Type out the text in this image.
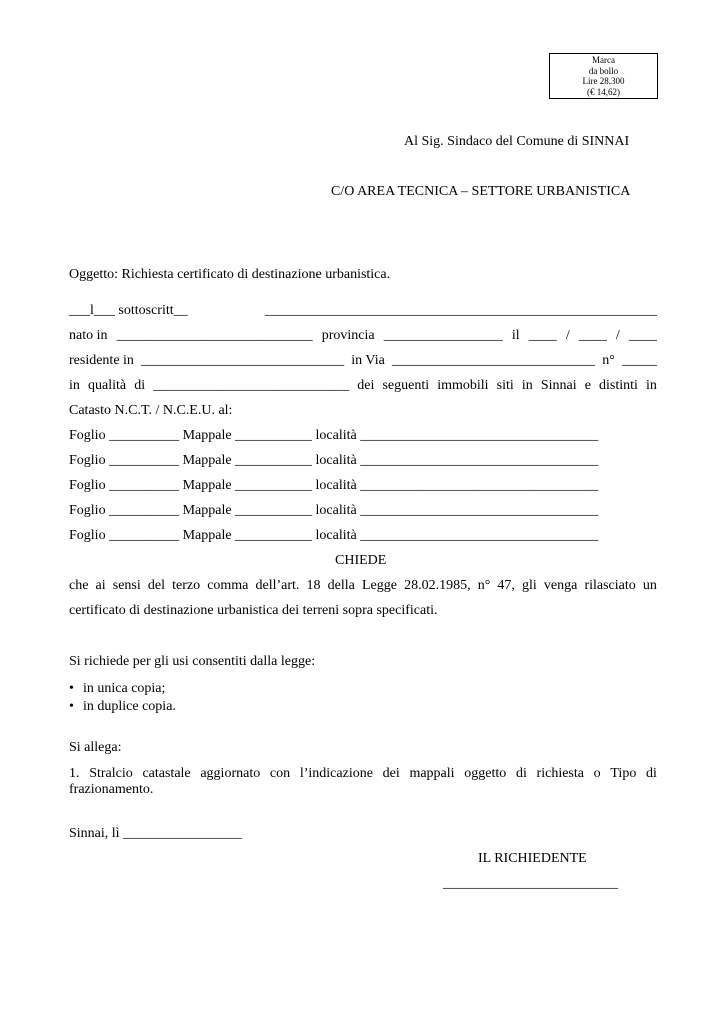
Marca
da bollo
Lire 28.300
(€ 14,62)
Al Sig. Sindaco del Comune di SINNAI
C/O AREA TECNICA – SETTORE URBANISTICA
Oggetto: Richiesta certificato di destinazione urbanistica.
___l___ sottoscritt__	________________________________________________________
nato in ____________________________ provincia _________________ il ____ / ____ / ____
residente in _____________________________ in Via _____________________________ n° _____
in qualità di ____________________________ dei seguenti immobili siti in Sinnai e distinti in
Catasto N.C.T. / N.C.E.U. al:
Foglio __________ Mappale ___________ località __________________________________
Foglio __________ Mappale ___________ località __________________________________
Foglio __________ Mappale ___________ località __________________________________
Foglio __________ Mappale ___________ località __________________________________
Foglio __________ Mappale ___________ località __________________________________
CHIEDE
che ai sensi del terzo comma dell’art. 18 della Legge 28.02.1985, n° 47, gli venga rilasciato un
certificato di destinazione urbanistica dei terreni sopra specificati.
Si richiede per gli usi consentiti dalla legge:
• in unica copia;
• in duplice copia.
Si allega:
1. Stralcio catastale aggiornato con l’indicazione dei mappali oggetto di richiesta o Tipo di
frazionamento.
Sinnai, lì _________________
IL RICHIEDENTE
_________________________
